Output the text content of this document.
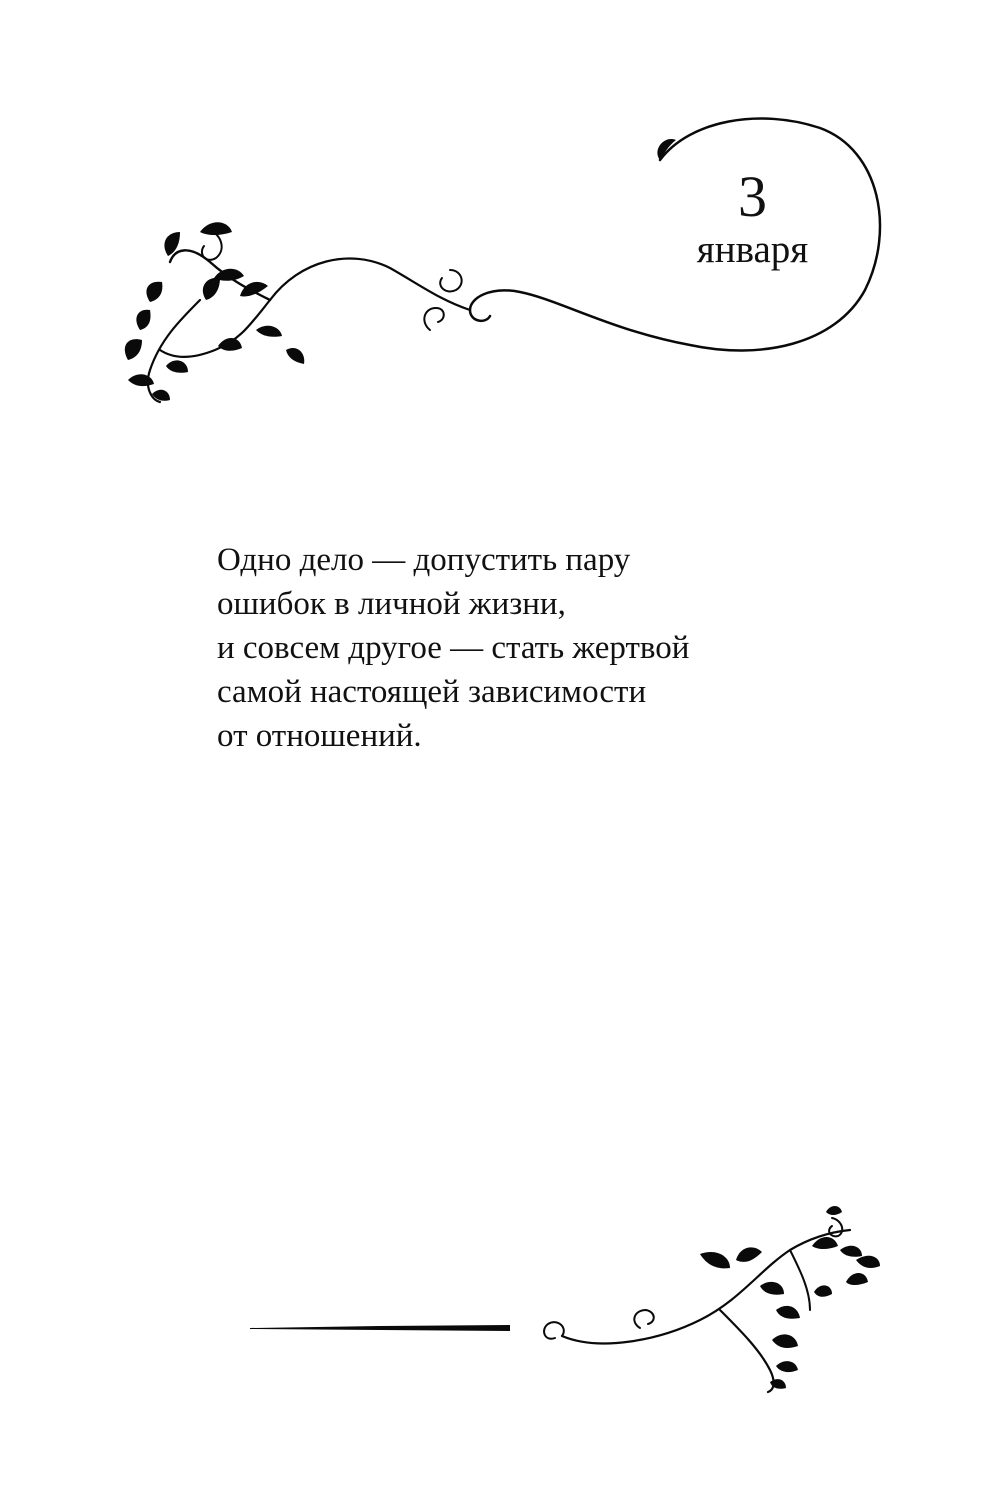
3
января
Одно дело — допустить пару
ошибок в личной жизни,
и совсем другое — стать жертвой
самой настоящей зависимости
от отношений.
